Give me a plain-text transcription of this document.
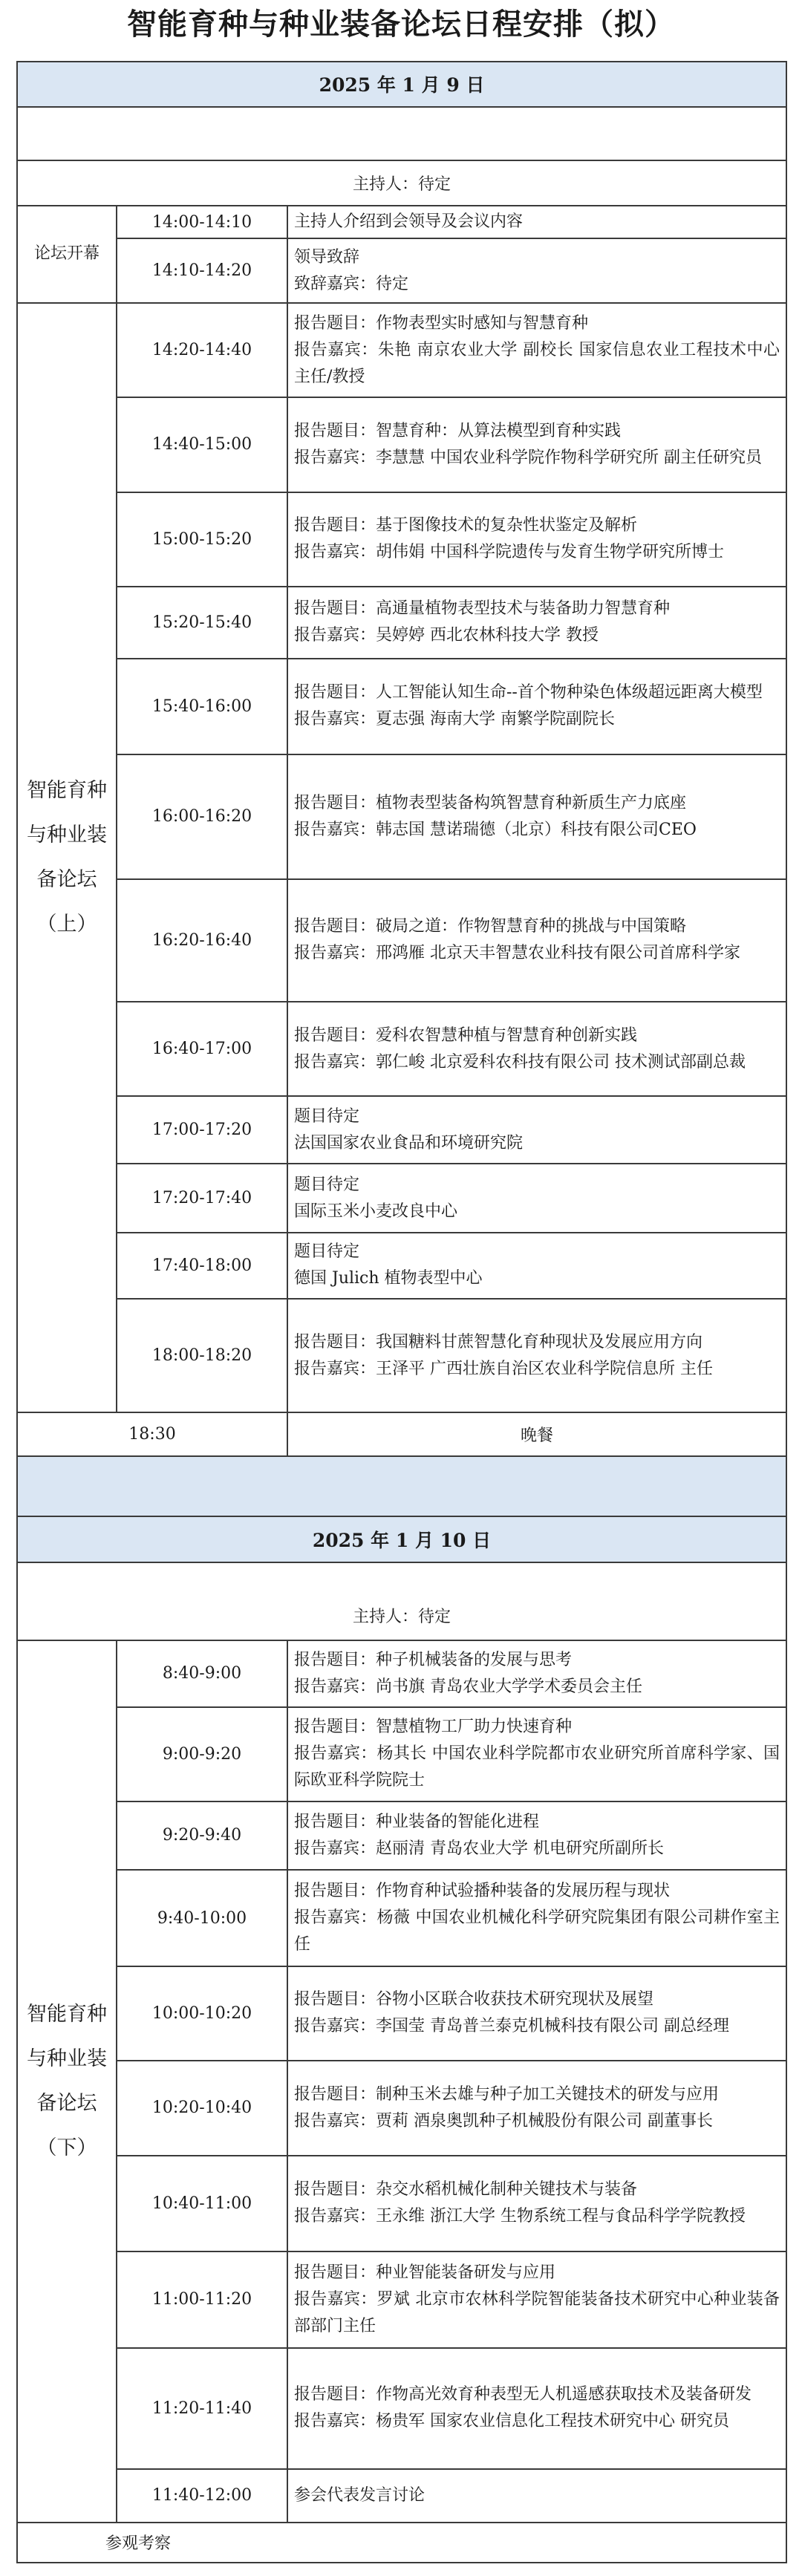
智能育种与种业装备论坛日程安排（拟）
2025 年 1 月 9 日		

主持人：待定		
论坛开幕	14:00-14:10	主持人介绍到会领导及会议内容

	14:10-14:20	领导致辞
致辞嘉宾：待定

智能育种 与种业装 备论坛 （上）	14:20-14:40	报告题目：作物表型实时感知与智慧育种
报告嘉宾：朱艳 南京农业大学 副校长 国家信息农业工程技术中心主任/教授

	14:40-15:00	报告题目：智慧育种：从算法模型到育种实践
报告嘉宾：李慧慧 中国农业科学院作物科学研究所 副主任研究员

	15:00-15:20	报告题目：基于图像技术的复杂性状鉴定及解析
报告嘉宾：胡伟娟 中国科学院遗传与发育生物学研究所博士

	15:20-15:40	报告题目：高通量植物表型技术与装备助力智慧育种
报告嘉宾：吴婷婷 西北农林科技大学 教授

	15:40-16:00	报告题目：人工智能认知生命--首个物种染色体级超远距离大模型
报告嘉宾：夏志强 海南大学 南繁学院副院长

	16:00-16:20	报告题目：植物表型装备构筑智慧育种新质生产力底座
报告嘉宾：韩志国 慧诺瑞德（北京）科技有限公司CEO

	16:20-16:40	报告题目：破局之道：作物智慧育种的挑战与中国策略
报告嘉宾：邢鸿雁 北京天丰智慧农业科技有限公司首席科学家

	16:40-17:00	报告题目：爱科农智慧种植与智慧育种创新实践
报告嘉宾：郭仁峻 北京爱科农科技有限公司 技术测试部副总裁

	17:00-17:20	题目待定
法国国家农业食品和环境研究院

	17:20-17:40	题目待定
国际玉米小麦改良中心

	17:40-18:00	题目待定
德国 Julich 植物表型中心

	18:00-18:20	报告题目：我国糖料甘蔗智慧化育种现状及发展应用方向
报告嘉宾：王泽平 广西壮族自治区农业科学院信息所 主任

18:30		晚餐

2025 年 1 月 10 日		

主持人：待定		
智能育种 与种业装 备论坛 （下）	8:40-9:00	报告题目：种子机械装备的发展与思考
报告嘉宾：尚书旗 青岛农业大学学术委员会主任

	9:00-9:20	报告题目：智慧植物工厂助力快速育种
报告嘉宾：杨其长 中国农业科学院都市农业研究所首席科学家、国际欧亚科学院院士

	9:20-9:40	报告题目：种业装备的智能化进程
报告嘉宾：赵丽清 青岛农业大学 机电研究所副所长

	9:40-10:00	报告题目：作物育种试验播种装备的发展历程与现状
报告嘉宾：杨薇 中国农业机械化科学研究院集团有限公司耕作室主任

	10:00-10:20	报告题目：谷物小区联合收获技术研究现状及展望
报告嘉宾：李国莹 青岛普兰泰克机械科技有限公司 副总经理

	10:20-10:40	报告题目：制种玉米去雄与种子加工关键技术的研发与应用
报告嘉宾：贾莉 酒泉奥凯种子机械股份有限公司 副董事长

	10:40-11:00	报告题目：杂交水稻机械化制种关键技术与装备
报告嘉宾：王永维 浙江大学 生物系统工程与食品科学学院教授

	11:00-11:20	报告题目：种业智能装备研发与应用
报告嘉宾：罗斌 北京市农林科学院智能装备技术研究中心种业装备部部门主任

	11:20-11:40	报告题目：作物高光效育种表型无人机遥感获取技术及装备研发
报告嘉宾：杨贵军 国家农业信息化工程技术研究中心 研究员

	11:40-12:00	参会代表发言讨论

参观考察		
